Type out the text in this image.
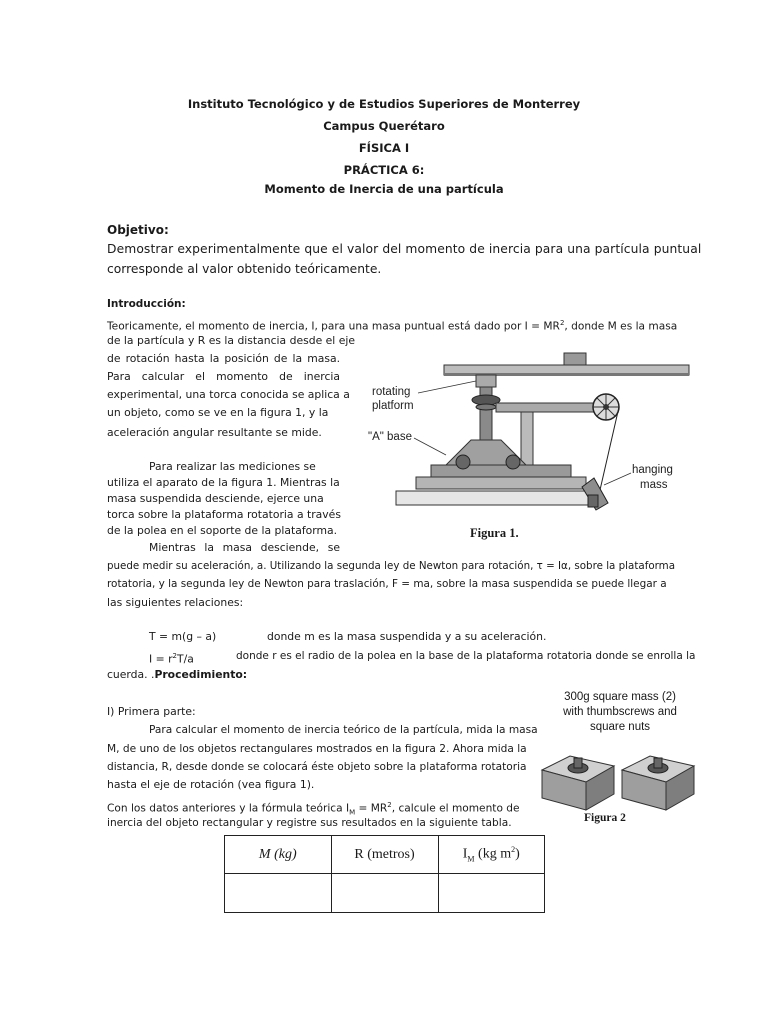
Instituto Tecnológico y de Estudios Superiores de Monterrey
Campus Querétaro
FÍSICA I
PRÁCTICA 6:
Momento de Inercia de una partícula
Objetivo:
Demostrar experimentalmente que el valor del momento de inercia para una partícula puntual
corresponde al valor obtenido teóricamente.
Introducción:
Teoricamente, el momento de inercia, I, para una masa puntual está dado por $I = MR^2$, donde M es la masa
de la partícula y R es la distancia desde el eje
de rotación hasta la posición de la masa.
Para calcular el momento de inercia
experimental, una torca conocida se aplica a
un objeto, como se ve en la figura 1, y la
aceleración angular resultante se mide.
Para realizar las mediciones se
utiliza el aparato de la figura 1. Mientras la
masa suspendida desciende, ejerce una
torca sobre la plataforma rotatoria a través
de la polea en el soporte de la plataforma.
Mientras la masa desciende, se
puede medir su aceleración, a. Utilizando la segunda ley de Newton para rotación, τ = Iα, sobre la plataforma
rotatoria, y la segunda ley de Newton para traslación, F = ma, sobre la masa suspendida se puede llegar a
las siguientes relaciones:
T = m(g – a)	donde m es la masa suspendida y a su aceleración.
$I = r^2T/a$	donde r es el radio de la polea en la base de la plataforma rotatoria donde se enrolla la
cuerda. .Procedimiento:
rotating
platform
"A" base
hanging
mass
Figura 1.
I) Primera parte:
Para calcular el momento de inercia teórico de la partícula, mida la masa
M, de uno de los objetos rectangulares mostrados en la figura 2. Ahora mida la
distancia, R, desde donde se colocará éste objeto sobre la plataforma rotatoria
hasta el eje de rotación (vea figura 1).
Con los datos anteriores y la fórmula teórica $I_M = MR^2$, calcule el momento de
inercia del objeto rectangular y registre sus resultados en la siguiente tabla.
300g square mass (2)
with thumbscrews and
square nuts
Figura 2
M (kg)	R (metros)	$I_M$ (kg $m^2$)
